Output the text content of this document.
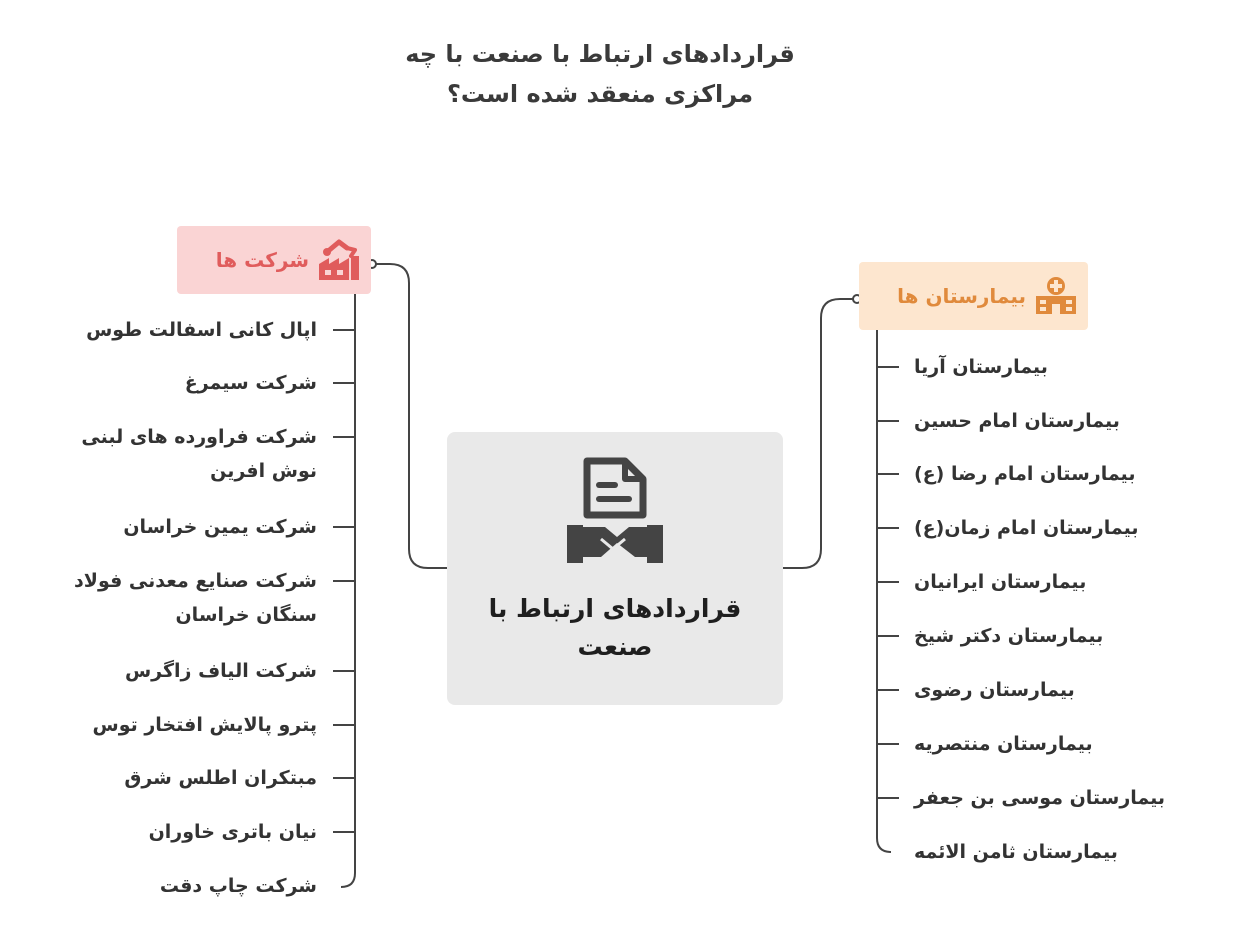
قراردادهای ارتباط با صنعت با چه
مراکزی منعقد شده است؟
قراردادهای ارتباط با
صنعت
بیمارستان ها
شرکت ها
بیمارستان آریا
بیمارستان امام حسین
بیمارستان امام رضا (ع)
بیمارستان امام زمان(ع)
بیمارستان ایرانیان
بیمارستان دکتر شیخ
بیمارستان رضوی
بیمارستان منتصریه
بیمارستان موسی بن جعفر
بیمارستان ثامن الائمه
اپال کانی اسفالت طوس
شرکت سیمرغ
شرکت فراورده های لبنی
نوش افرین
شرکت یمین خراسان
شرکت صنایع معدنی فولاد
سنگان خراسان
شرکت الیاف زاگرس
پترو پالایش افتخار توس
مبتکران اطلس شرق
نیان باتری خاوران
شرکت چاپ دقت
